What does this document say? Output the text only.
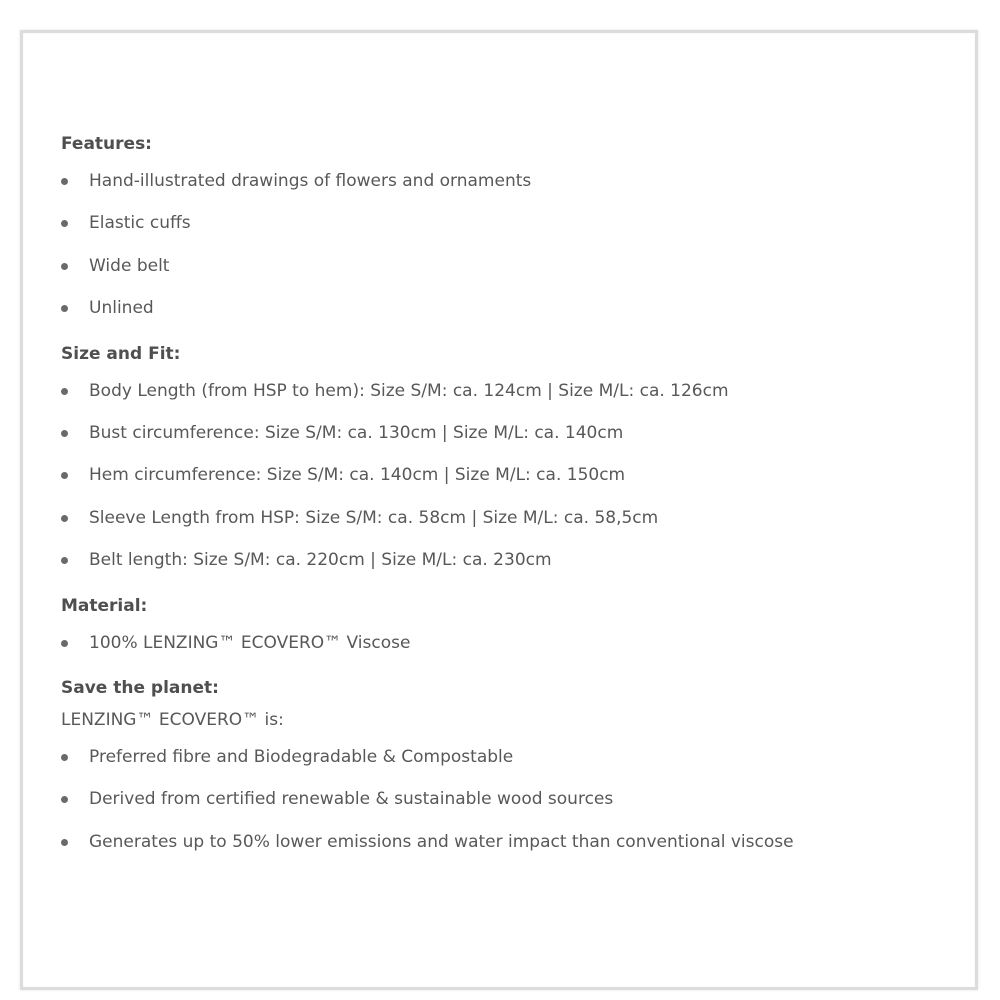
Features:
Hand-illustrated drawings of flowers and ornaments
Elastic cuffs
Wide belt
Unlined
Size and Fit:
Body Length (from HSP to hem): Size S/M: ca. 124cm | Size M/L: ca. 126cm
Bust circumference: Size S/M: ca. 130cm | Size M/L: ca. 140cm
Hem circumference: Size S/M: ca. 140cm | Size M/L: ca. 150cm
Sleeve Length from HSP: Size S/M: ca. 58cm | Size M/L: ca. 58,5cm
Belt length: Size S/M: ca. 220cm | Size M/L: ca. 230cm
Material:
100% LENZING™ ECOVERO™ Viscose
Save the planet:
LENZING™ ECOVERO™ is:
Preferred fibre and Biodegradable & Compostable
Derived from certified renewable & sustainable wood sources
Generates up to 50% lower emissions and water impact than conventional viscose
